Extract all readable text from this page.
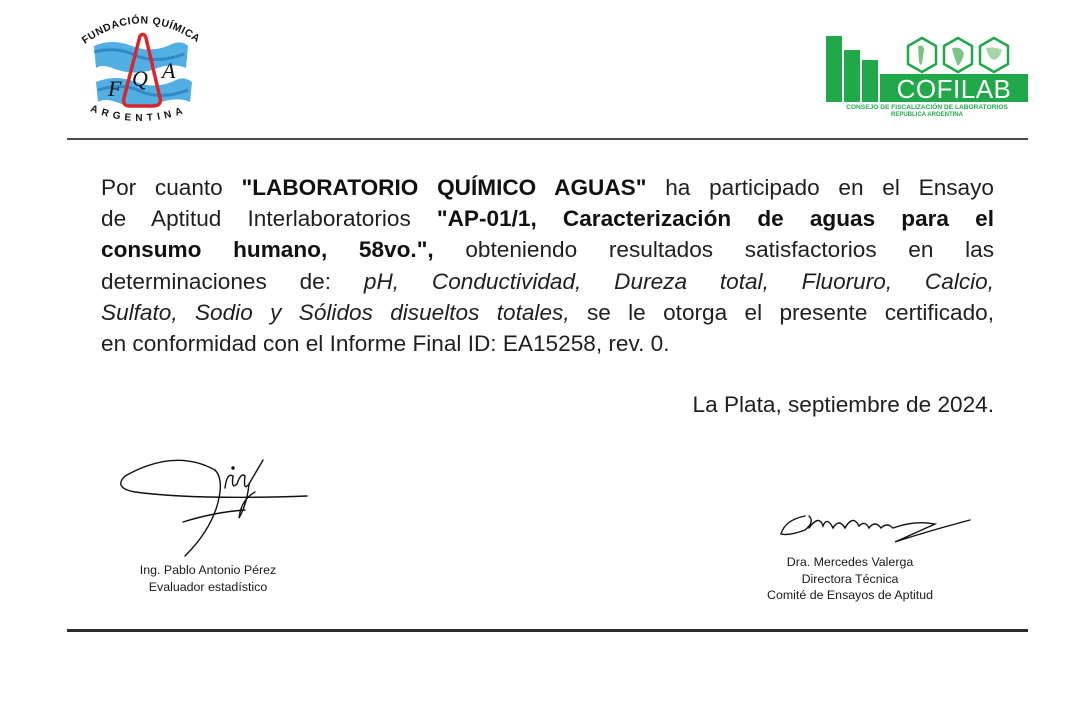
FUNDACIÓN QUÍMICA
ARGENTINA
F Q A
COFILAB
CONSEJO DE FISCALIZACIÓN DE LABORATORIOS
REPÚBLICA ARGENTINA
Por cuanto "LABORATORIO QUÍMICO AGUAS" ha participado en el Ensayo
de Aptitud Interlaboratorios "AP-01/1, Caracterización de aguas para el
consumo humano, 58vo.", obteniendo resultados satisfactorios en las
determinaciones de: pH, Conductividad, Dureza total, Fluoruro, Calcio,
Sulfato, Sodio y Sólidos disueltos totales, se le otorga el presente certificado,
en conformidad con el Informe Final ID: EA15258, rev. 0.
La Plata, septiembre de 2024.
Ing. Pablo Antonio Pérez
Evaluador estadístico
Dra. Mercedes Valerga
Directora Técnica
Comité de Ensayos de Aptitud
